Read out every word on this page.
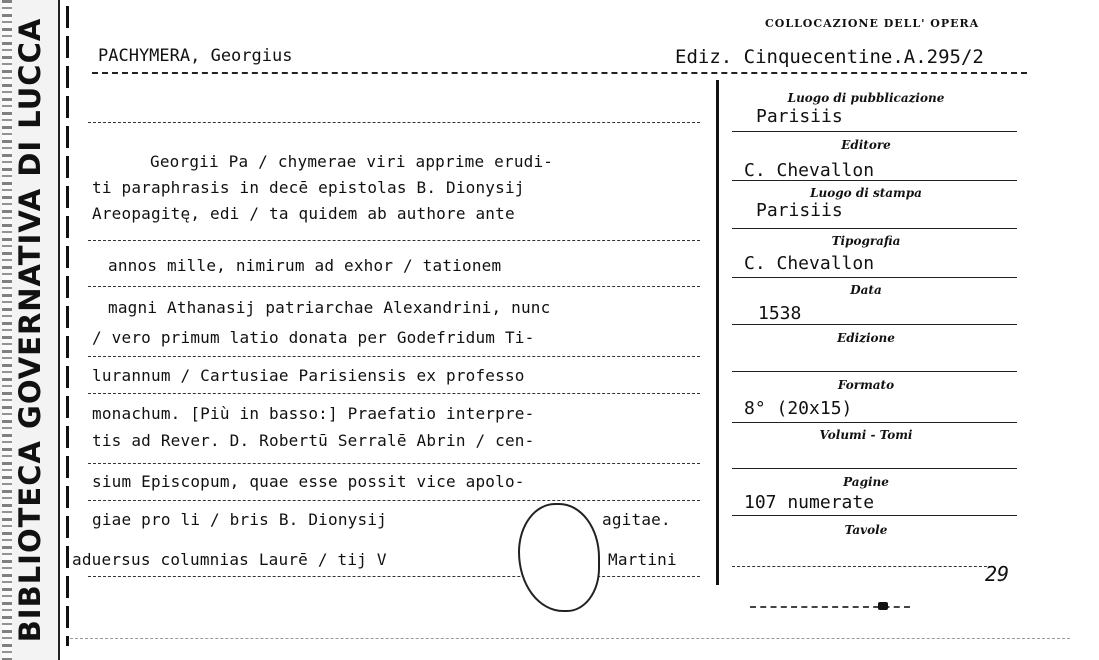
BIBLIOTECA GOVERNATIVA DI LUCCA	COLLOCAZIONE DELL' OPERA
PACHYMERA, Georgius	Ediz. Cinquecentine.A.295/2
Georgii Pa / chymerae viri apprime erudi-
ti paraphrasis in decē epistolas B. Dionysij
Areopagitę, edi / ta quidem ab authore ante
annos mille, nimirum ad exhor / tationem
magni Athanasij patriarchae Alexandrini, nunc
/ vero primum latio donata per Godefridum Ti-
lurannum / Cartusiae Parisiensis ex professo
monachum. [Più in basso:] Praefatio interpre-
tis ad Rever. D. Robertū Serralē Abrin / cen-
sium Episcopum, quae esse possit vice apolo-
giae pro li / bris B. Dionysij	agitae.
aduersus columnias Laurē / tij V	Martini
Luogo di pubblicazione
Parisiis
Editore
C. Chevallon
Luogo di stampa
Parisiis
Tipografia
C. Chevallon
Data
1538
Edizione
Formato
8° (20x15)
Volumi - Tomi
Pagine
107 numerate
Tavole
29
